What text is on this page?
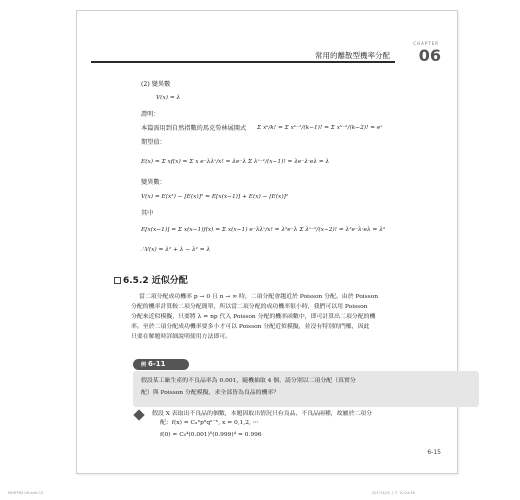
常用的離散型機率分配
CHAPTER
06
(2) 變異數
V(x) = λ
證明：
本篇需用到自然指數的馬克勞林展開式 Σ xᵏ/k! = Σ xᵏ⁻¹/(k−1)! = Σ xᵏ⁻²/(k−2)! = eˣ
期望值：
E(x) = Σ xf(x) = Σ x e⁻λλˣ/x! = λe⁻λ Σ λˣ⁻¹/(x−1)! = λe⁻λ·eλ = λ
變異數：
V(x) = E(x²) − [E(x)]² = E[x(x−1)] + E(x) − [E(x)]²
其中
E[x(x−1)] = Σ x(x−1)f(x) = Σ x(x−1) e⁻λλˣ/x! = λ²e⁻λ Σ λˣ⁻²/(x−2)! = λ²e⁻λ·eλ = λ²
∴V(x) = λ² + λ − λ² = λ
6.5.2 近似分配
當二項分配成功機率 p → 0 且 n → ∞ 時，二項分配會趨近於 Poisson 分配。由於 Poisson
分配的機率計算較二項分配簡單，所以當二項分配的成功機率很小時，我們可以用 Poisson
分配來近似模擬，只要將 λ = np 代入 Poisson 分配的機率函數中，即可計算出二項分配的機
率。至於二項分配成功機率要多小才可以 Poisson 分配近似模擬，並沒有特別的門檻，因此
只要在解題時詳細說明使用方法即可。
例 6-11
假設某工廠生產的不良品率為 0.001，隨機抽取 4 個，請分別以二項分配（真實分
配）與 Poisson 分配模擬，求全部皆為良品的機率？
假設 X 表取出不良品的個數，本題因取出情況只有良品、不良品兩種，故屬於二項分
配：f(x) = Cₓⁿpˣqⁿ⁻ˣ, x = 0,1,2, ⋯
f(0) = C₀⁴(0.001)⁰(0.999)⁴ = 0.996
6-15
MHDTNS 06.indd 15	2017/4/25 上午 10:24:46
